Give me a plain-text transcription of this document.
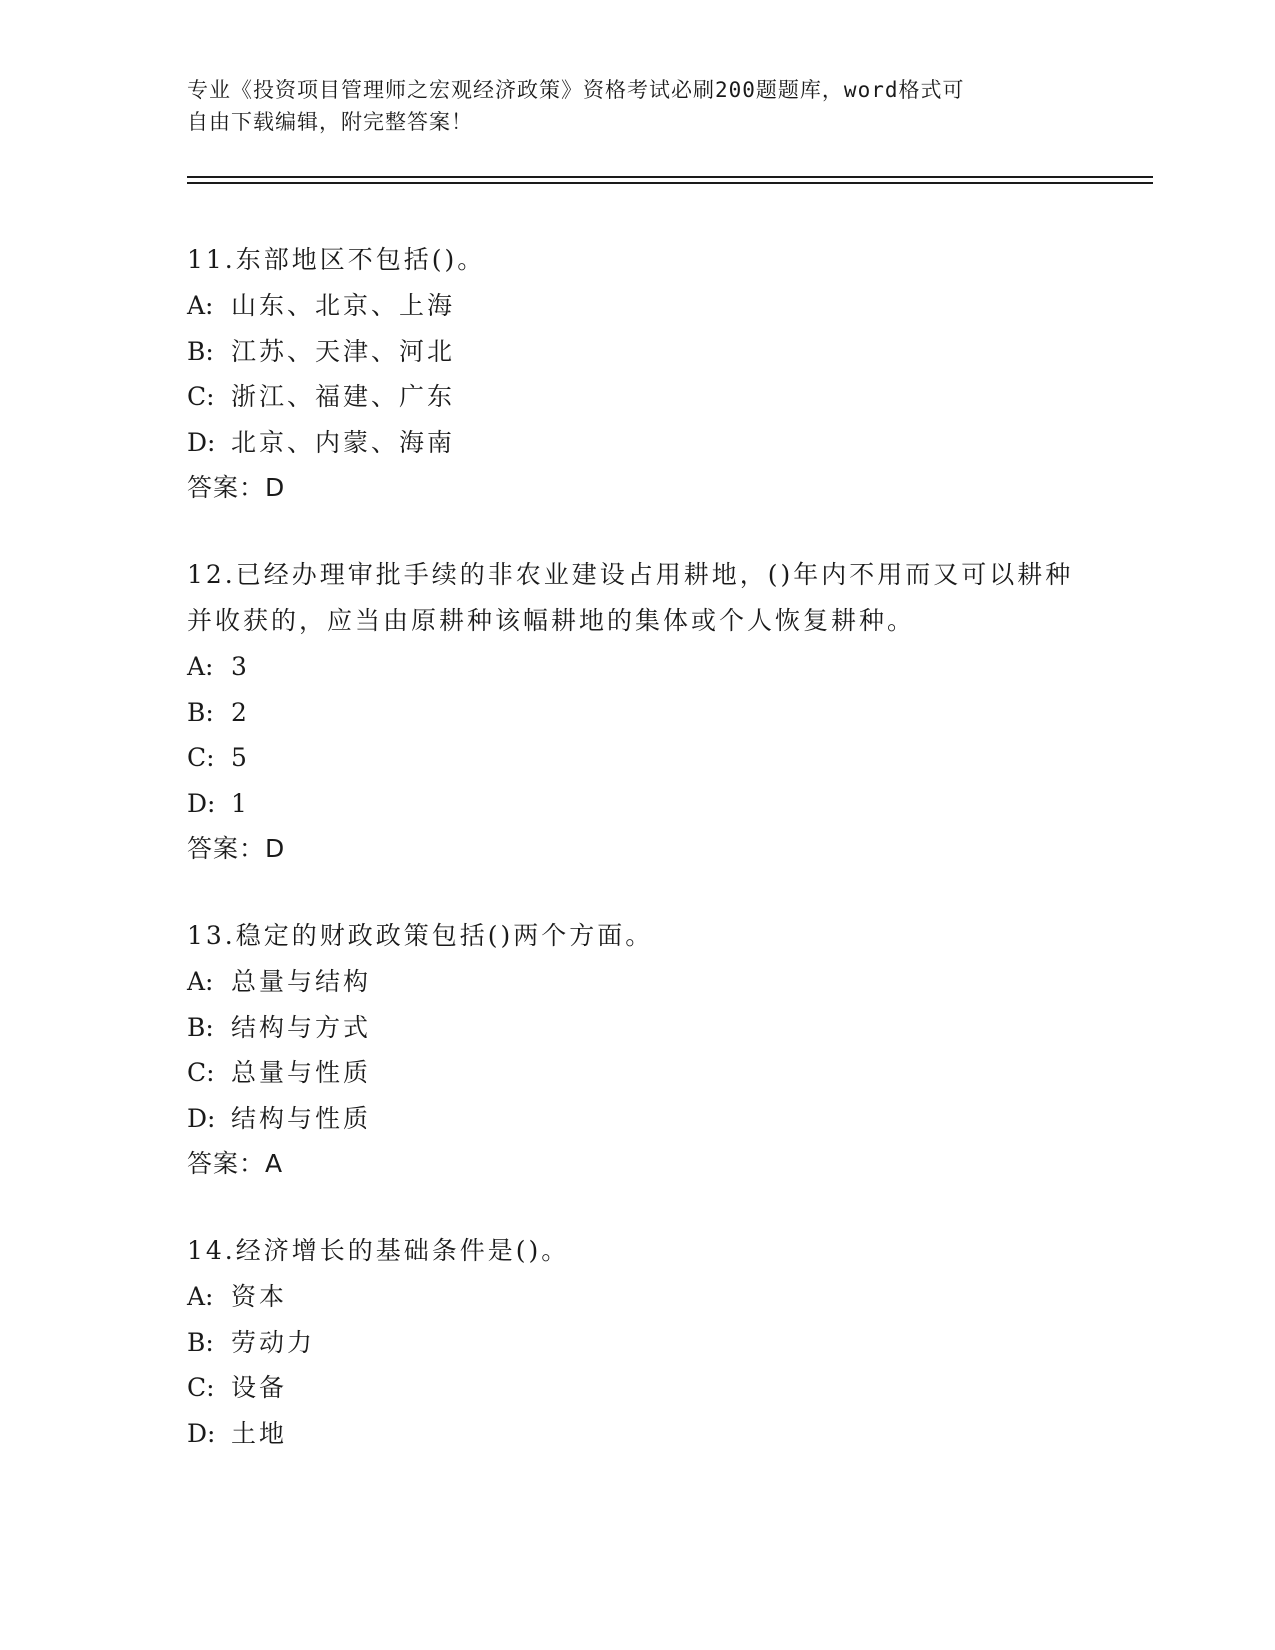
专业《投资项目管理师之宏观经济政策》资格考试必刷200题题库，word格式可
自由下载编辑，附完整答案！
11.东部地区不包括()。
A: 山东、北京、上海
B: 江苏、天津、河北
C: 浙江、福建、广东
D: 北京、内蒙、海南
答案：D
12.已经办理审批手续的非农业建设占用耕地，()年内不用而又可以耕种并收获的，应当由原耕种该幅耕地的集体或个人恢复耕种。
A: 3
B: 2
C: 5
D: 1
答案：D
13.稳定的财政政策包括()两个方面。
A: 总量与结构
B: 结构与方式
C: 总量与性质
D: 结构与性质
答案：A
14.经济增长的基础条件是()。
A: 资本
B: 劳动力
C: 设备
D: 土地
